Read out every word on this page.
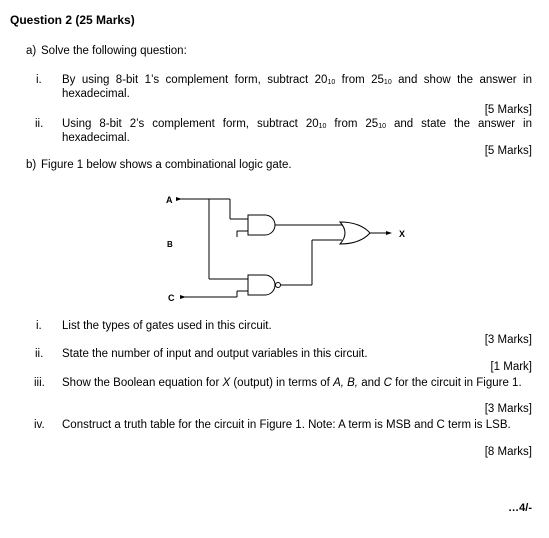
Question 2 (25 Marks)
a) Solve the following question:
i.	By using 8-bit 1’s complement form, subtract $20_{10}$ from $25_{10}$ and show the answer in hexadecimal.
[5 Marks]
ii.	Using 8-bit 2’s complement form, subtract $20_{10}$ from $25_{10}$ and state the answer in hexadecimal.
[5 Marks]
b) Figure 1 below shows a combinational logic gate.
A
B
C
X
i.	List the types of gates used in this circuit.
[3 Marks]
ii.	State the number of input and output variables in this circuit.
[1 Mark]
iii.	Show the Boolean equation for X (output) in terms of A, B, and C for the circuit in Figure 1.
[3 Marks]
iv.	Construct a truth table for the circuit in Figure 1. Note: A term is MSB and C term is LSB.
[8 Marks]
…4/-
